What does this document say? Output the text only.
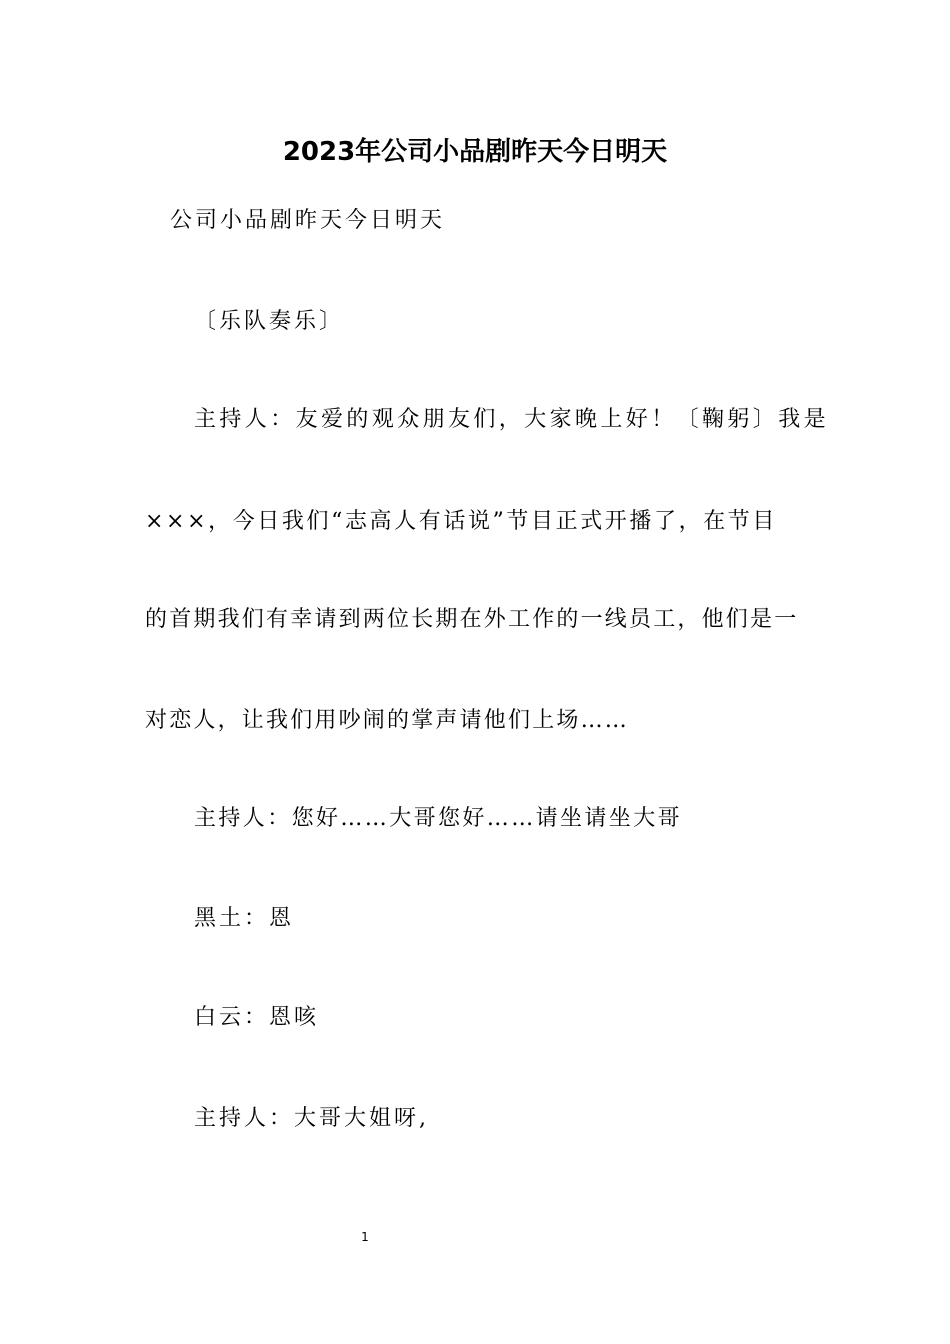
2023年公司小品剧昨天今日明天
公司小品剧昨天今日明天
〔乐队奏乐〕
主持人：友爱的观众朋友们，大家晚上好！〔鞠躬〕我是
×××，今日我们“志高人有话说”节目正式开播了，在节目
的首期我们有幸请到两位长期在外工作的一线员工，他们是一
对恋人，让我们用吵闹的掌声请他们上场……
主持人：您好……大哥您好……请坐请坐大哥
黑土：恩
白云：恩咳
主持人：大哥大姐呀,
1
